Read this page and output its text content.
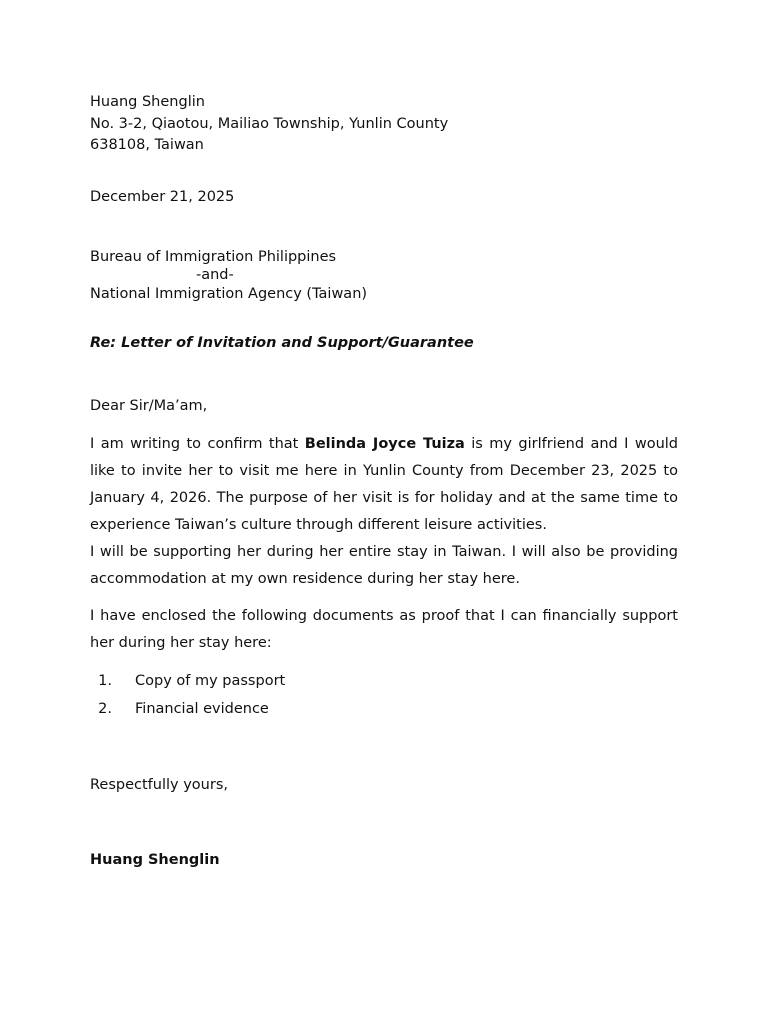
Huang Shenglin
No. 3-2, Qiaotou, Mailiao Township, Yunlin County
638108, Taiwan
December 21, 2025
Bureau of Immigration Philippines
-and-
National Immigration Agency (Taiwan)
Re: Letter of Invitation and Support/Guarantee
Dear Sir/Ma’am,

I am writing to confirm that Belinda Joyce Tuiza is my girlfriend and I would like to invite her to visit me here in Yunlin County from December 23, 2025 to January 4, 2026. The purpose of her visit is for holiday and at the same time to experience Taiwan’s culture through different leisure activities.

I will be supporting her during her entire stay in Taiwan. I will also be providing accommodation at my own residence during her stay here.

I have enclosed the following documents as proof that I can financially support her during her stay here:

1. Copy of my passport
2. Financial evidence
Respectfully yours,
Huang Shenglin
